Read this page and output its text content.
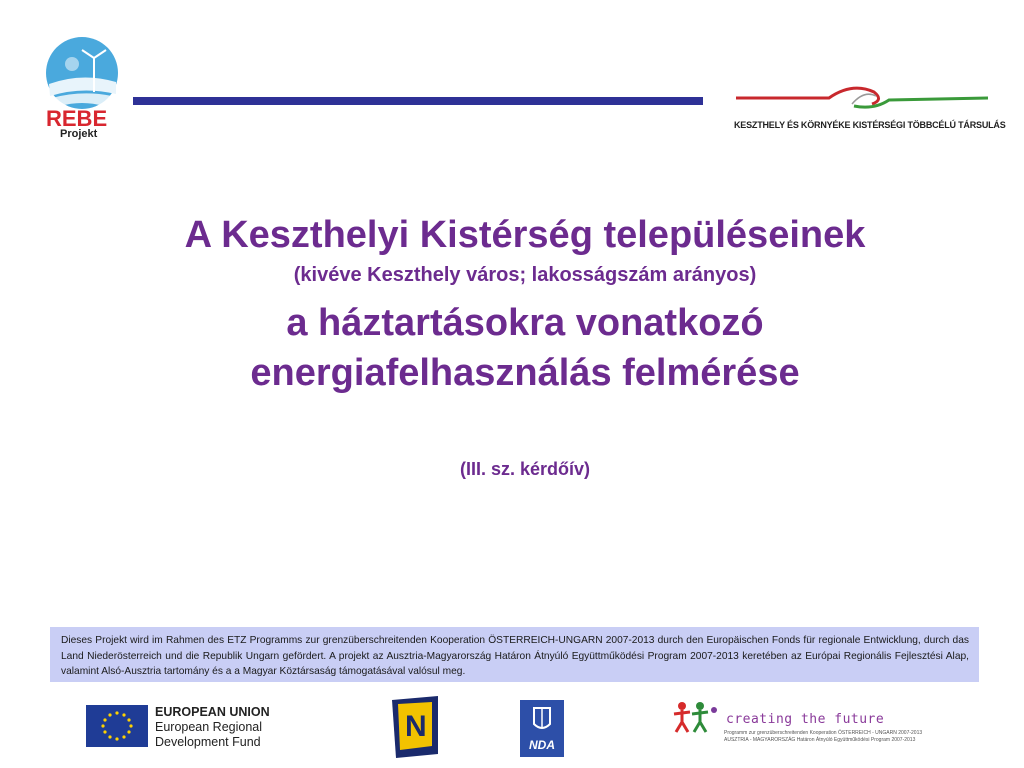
REBE
Projekt
KESZTHELY ÉS KÖRNYÉKE KISTÉRSÉGI TÖBBCÉLÚ TÁRSULÁS
A Keszthelyi Kistérség településeinek
(kivéve Keszthely város; lakosságszám arányos)
a háztartásokra vonatkozó
energiafelhasználás felmérése
(III. sz. kérdőív)
Dieses Projekt wird im Rahmen des ETZ Programms zur grenzüberschreitenden Kooperation ÖSTERREICH-UNGARN 2007-2013 durch den Europäischen Fonds für regionale Entwicklung, durch das Land Niederösterreich und die Republik Ungarn gefördert. A projekt az Ausztria-Magyarország Határon Átnyúló Együttműködési Program 2007-2013 keretében az Európai Regionális Fejlesztési Alap, valamint Alsó-Ausztria tartomány és a a Magyar Köztársaság támogatásával valósul meg.
EUROPEAN UNION
European Regional
Development Fund	N
NDA
creating the future
Programm zur grenzüberschreitenden Kooperation ÖSTERREICH - UNGARN 2007-2013
AUSZTRIA - MAGYARORSZÁG Határon Átnyúló Együttműködési Program 2007-2013
